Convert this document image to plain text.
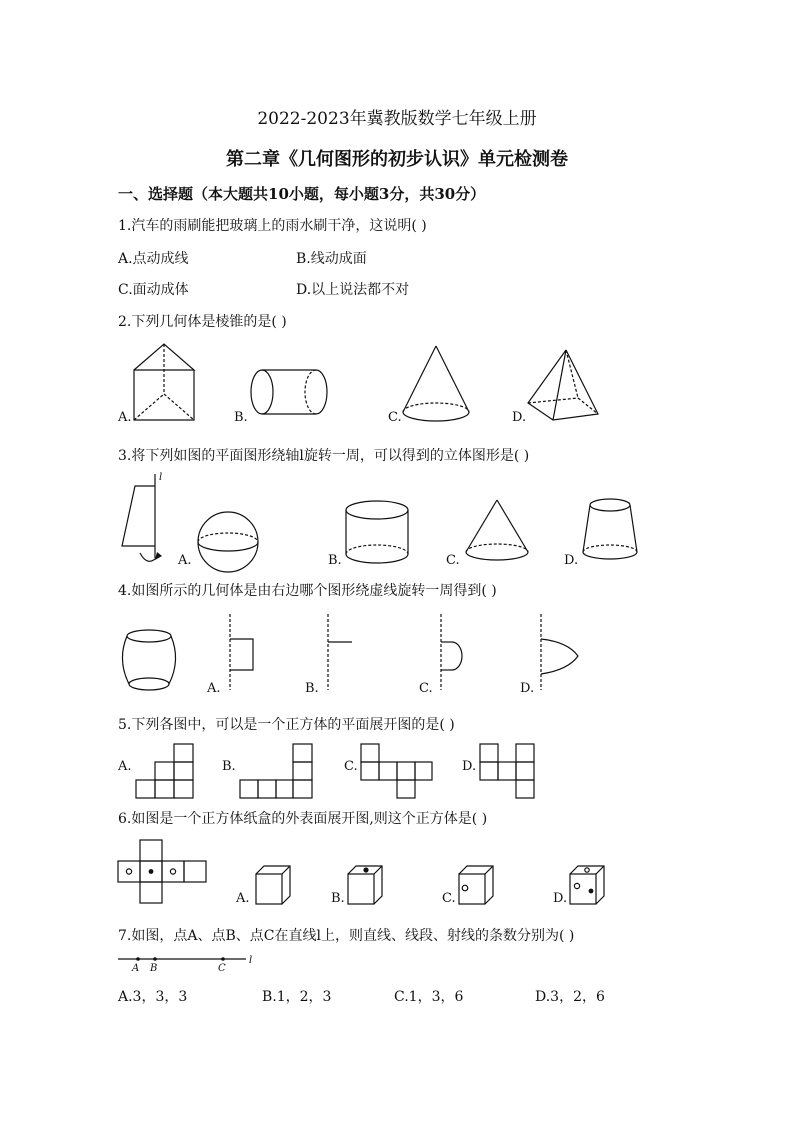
2022-2023年冀教版数学七年级上册
第二章《几何图形的初步认识》单元检测卷
一、选择题（本大题共10小题，每小题3分，共30分）
1.汽车的雨刷能把玻璃上的雨水刷干净，这说明( )
A.点动成线	B.线动成面
C.面动成体	D.以上说法都不对
2.下列几何体是棱锥的是( )
A.	B.	C.	D.
3.将下列如图的平面图形绕轴l旋转一周，可以得到的立体图形是( )
A.	B.	C.	D.
l
4.如图所示的几何体是由右边哪个图形绕虚线旋转一周得到( )
A.	B.	C.	D.
5.下列各图中，可以是一个正方体的平面展开图的是( )
A.	B.	C.	D.
6.如图是一个正方体纸盒的外表面展开图,则这个正方体是( )
A.	B.	C.	D.
7.如图，点A、点B、点C在直线l上，则直线、线段、射线的条数分别为( )
A B	C
l
A.3，3，3	B.1，2，3	C.1，3，6	D.3，2，6
